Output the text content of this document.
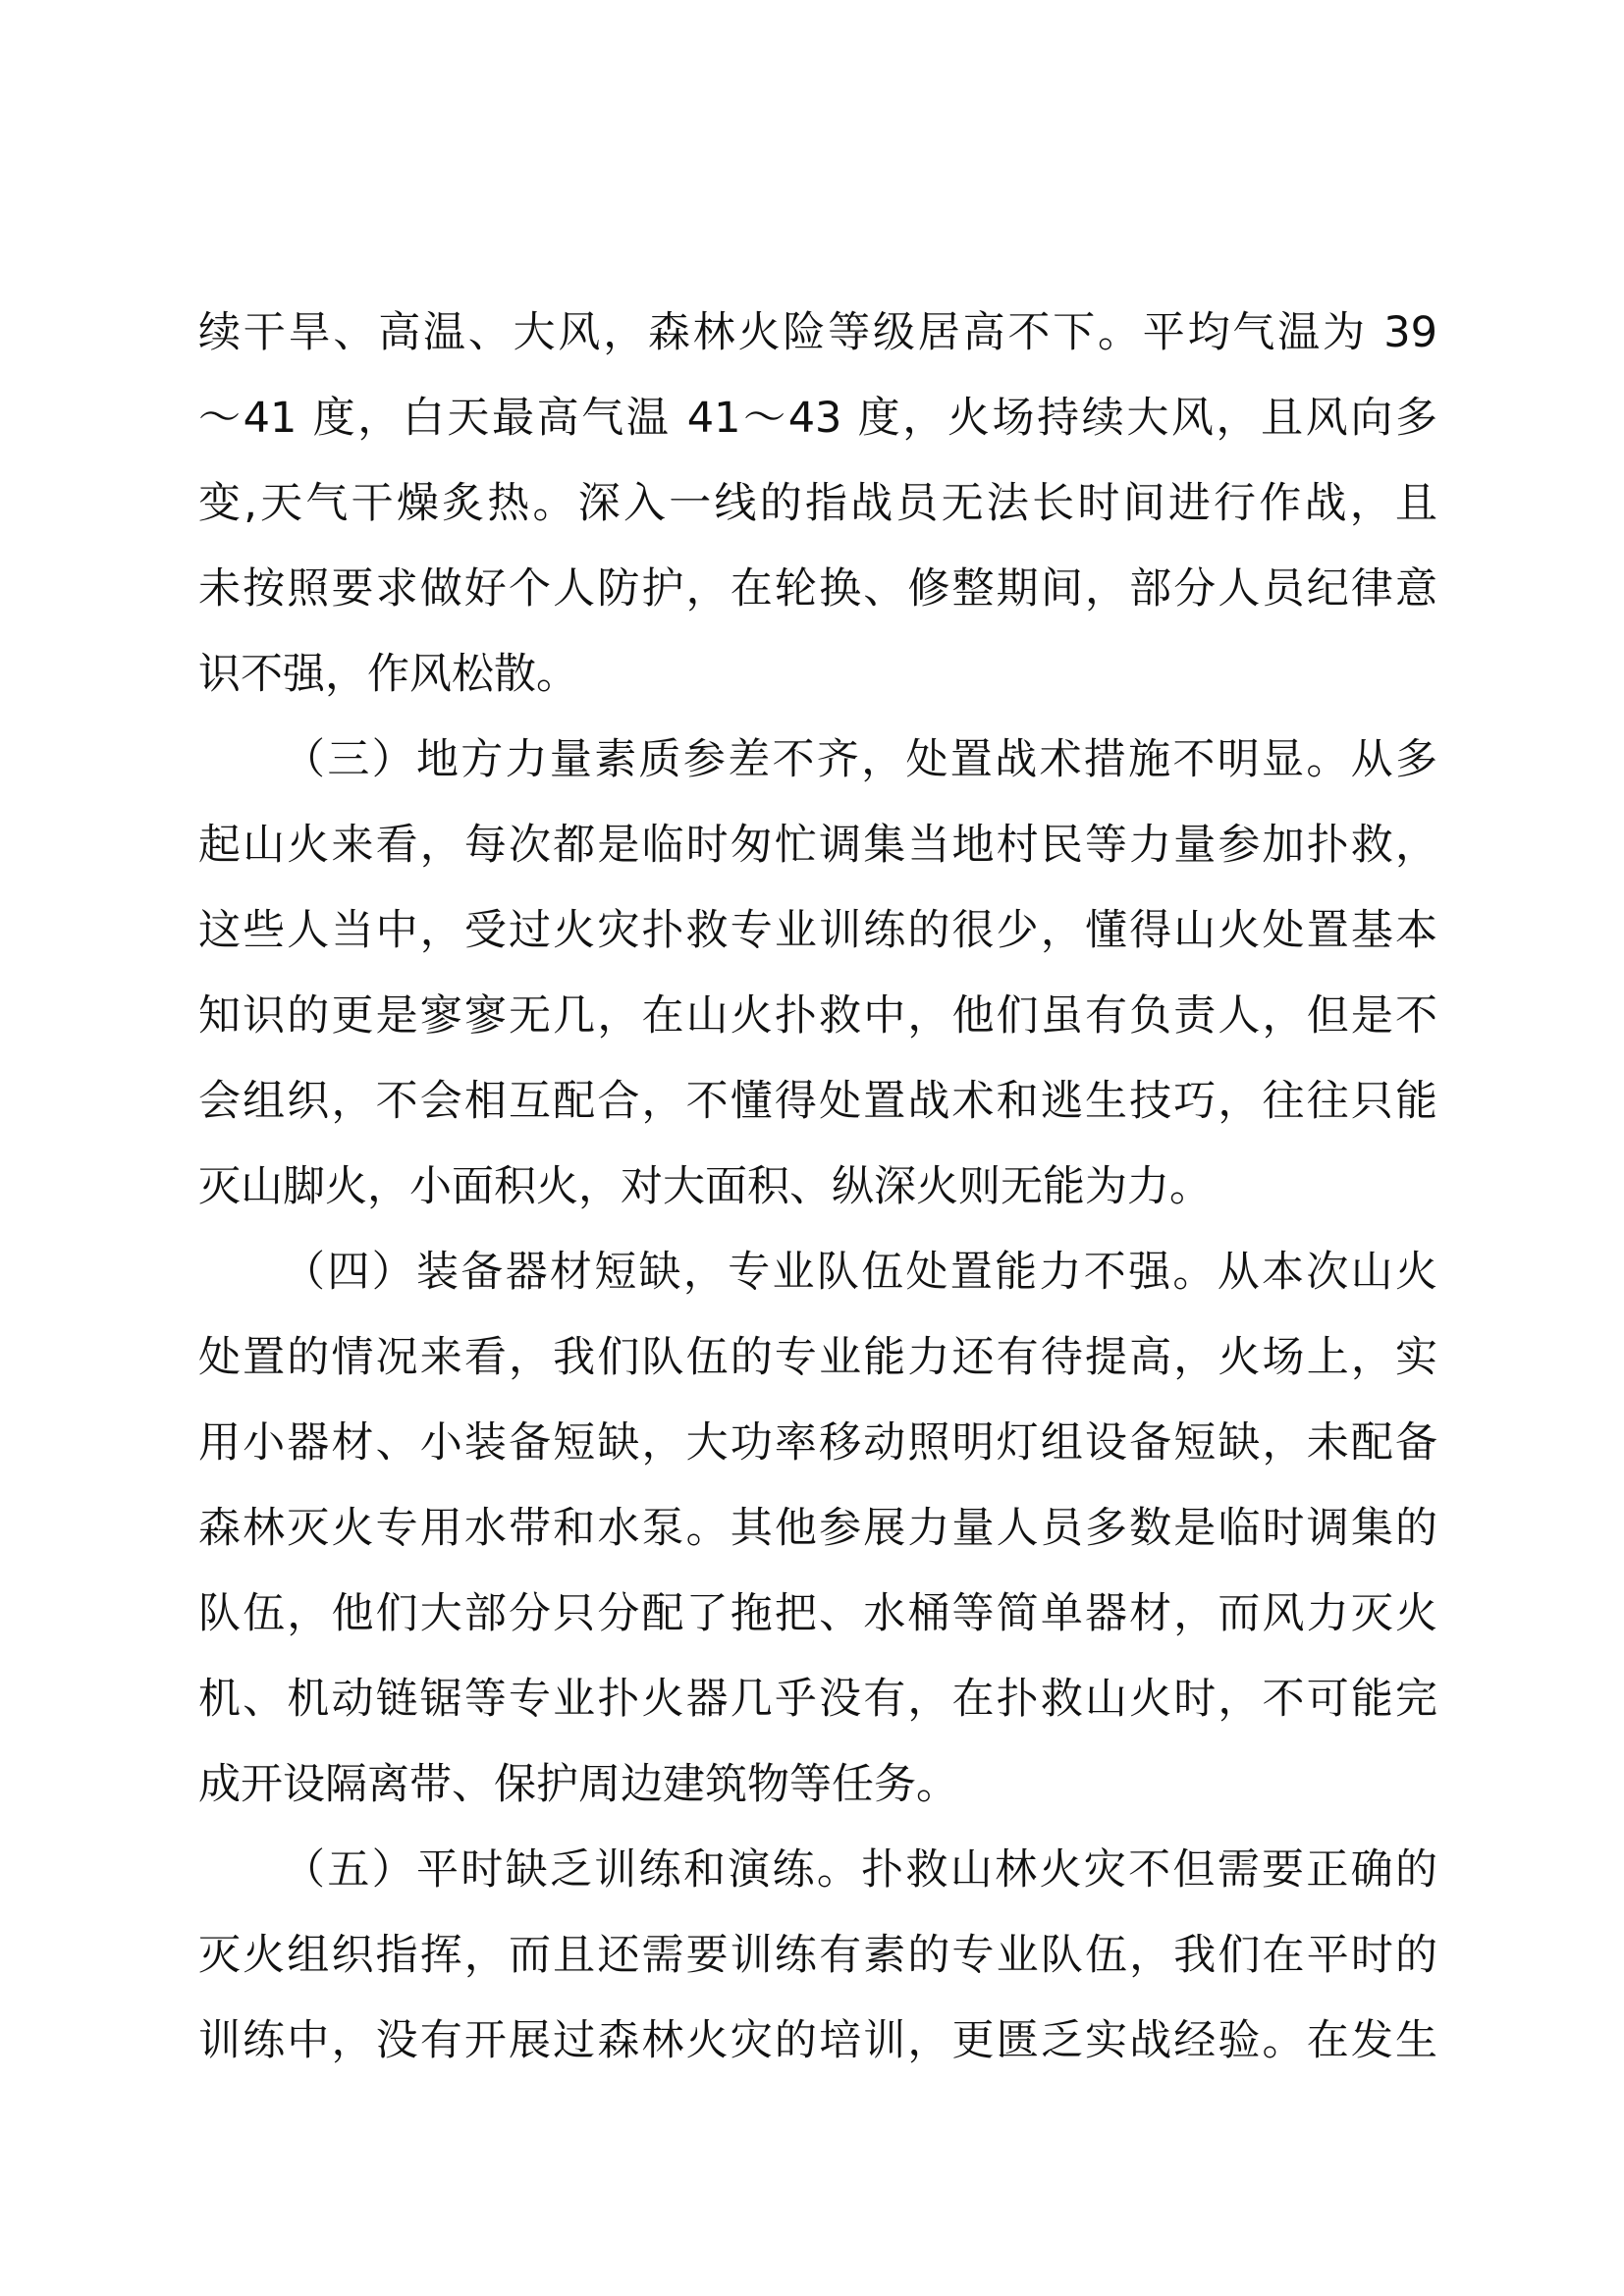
续干旱、高温、大风，森林火险等级居高不下。平均气温为 39
～41 度，白天最高气温 41～43 度，火场持续大风，且风向多
变,天气干燥炙热。深入一线的指战员无法长时间进行作战，且
未按照要求做好个人防护，在轮换、修整期间，部分人员纪律意
识不强，作风松散。
（三）地方力量素质参差不齐，处置战术措施不明显。从多
起山火来看，每次都是临时匆忙调集当地村民等力量参加扑救，
这些人当中，受过火灾扑救专业训练的很少，懂得山火处置基本
知识的更是寥寥无几，在山火扑救中，他们虽有负责人，但是不
会组织，不会相互配合，不懂得处置战术和逃生技巧，往往只能
灭山脚火，小面积火，对大面积、纵深火则无能为力。
（四）装备器材短缺，专业队伍处置能力不强。从本次山火
处置的情况来看，我们队伍的专业能力还有待提高，火场上，实
用小器材、小装备短缺，大功率移动照明灯组设备短缺，未配备
森林灭火专用水带和水泵。其他参展力量人员多数是临时调集的
队伍，他们大部分只分配了拖把、水桶等简单器材，而风力灭火
机、机动链锯等专业扑火器几乎没有，在扑救山火时，不可能完
成开设隔离带、保护周边建筑物等任务。
（五）平时缺乏训练和演练。扑救山林火灾不但需要正确的
灭火组织指挥，而且还需要训练有素的专业队伍，我们在平时的
训练中，没有开展过森林火灾的培训，更匮乏实战经验。在发生
